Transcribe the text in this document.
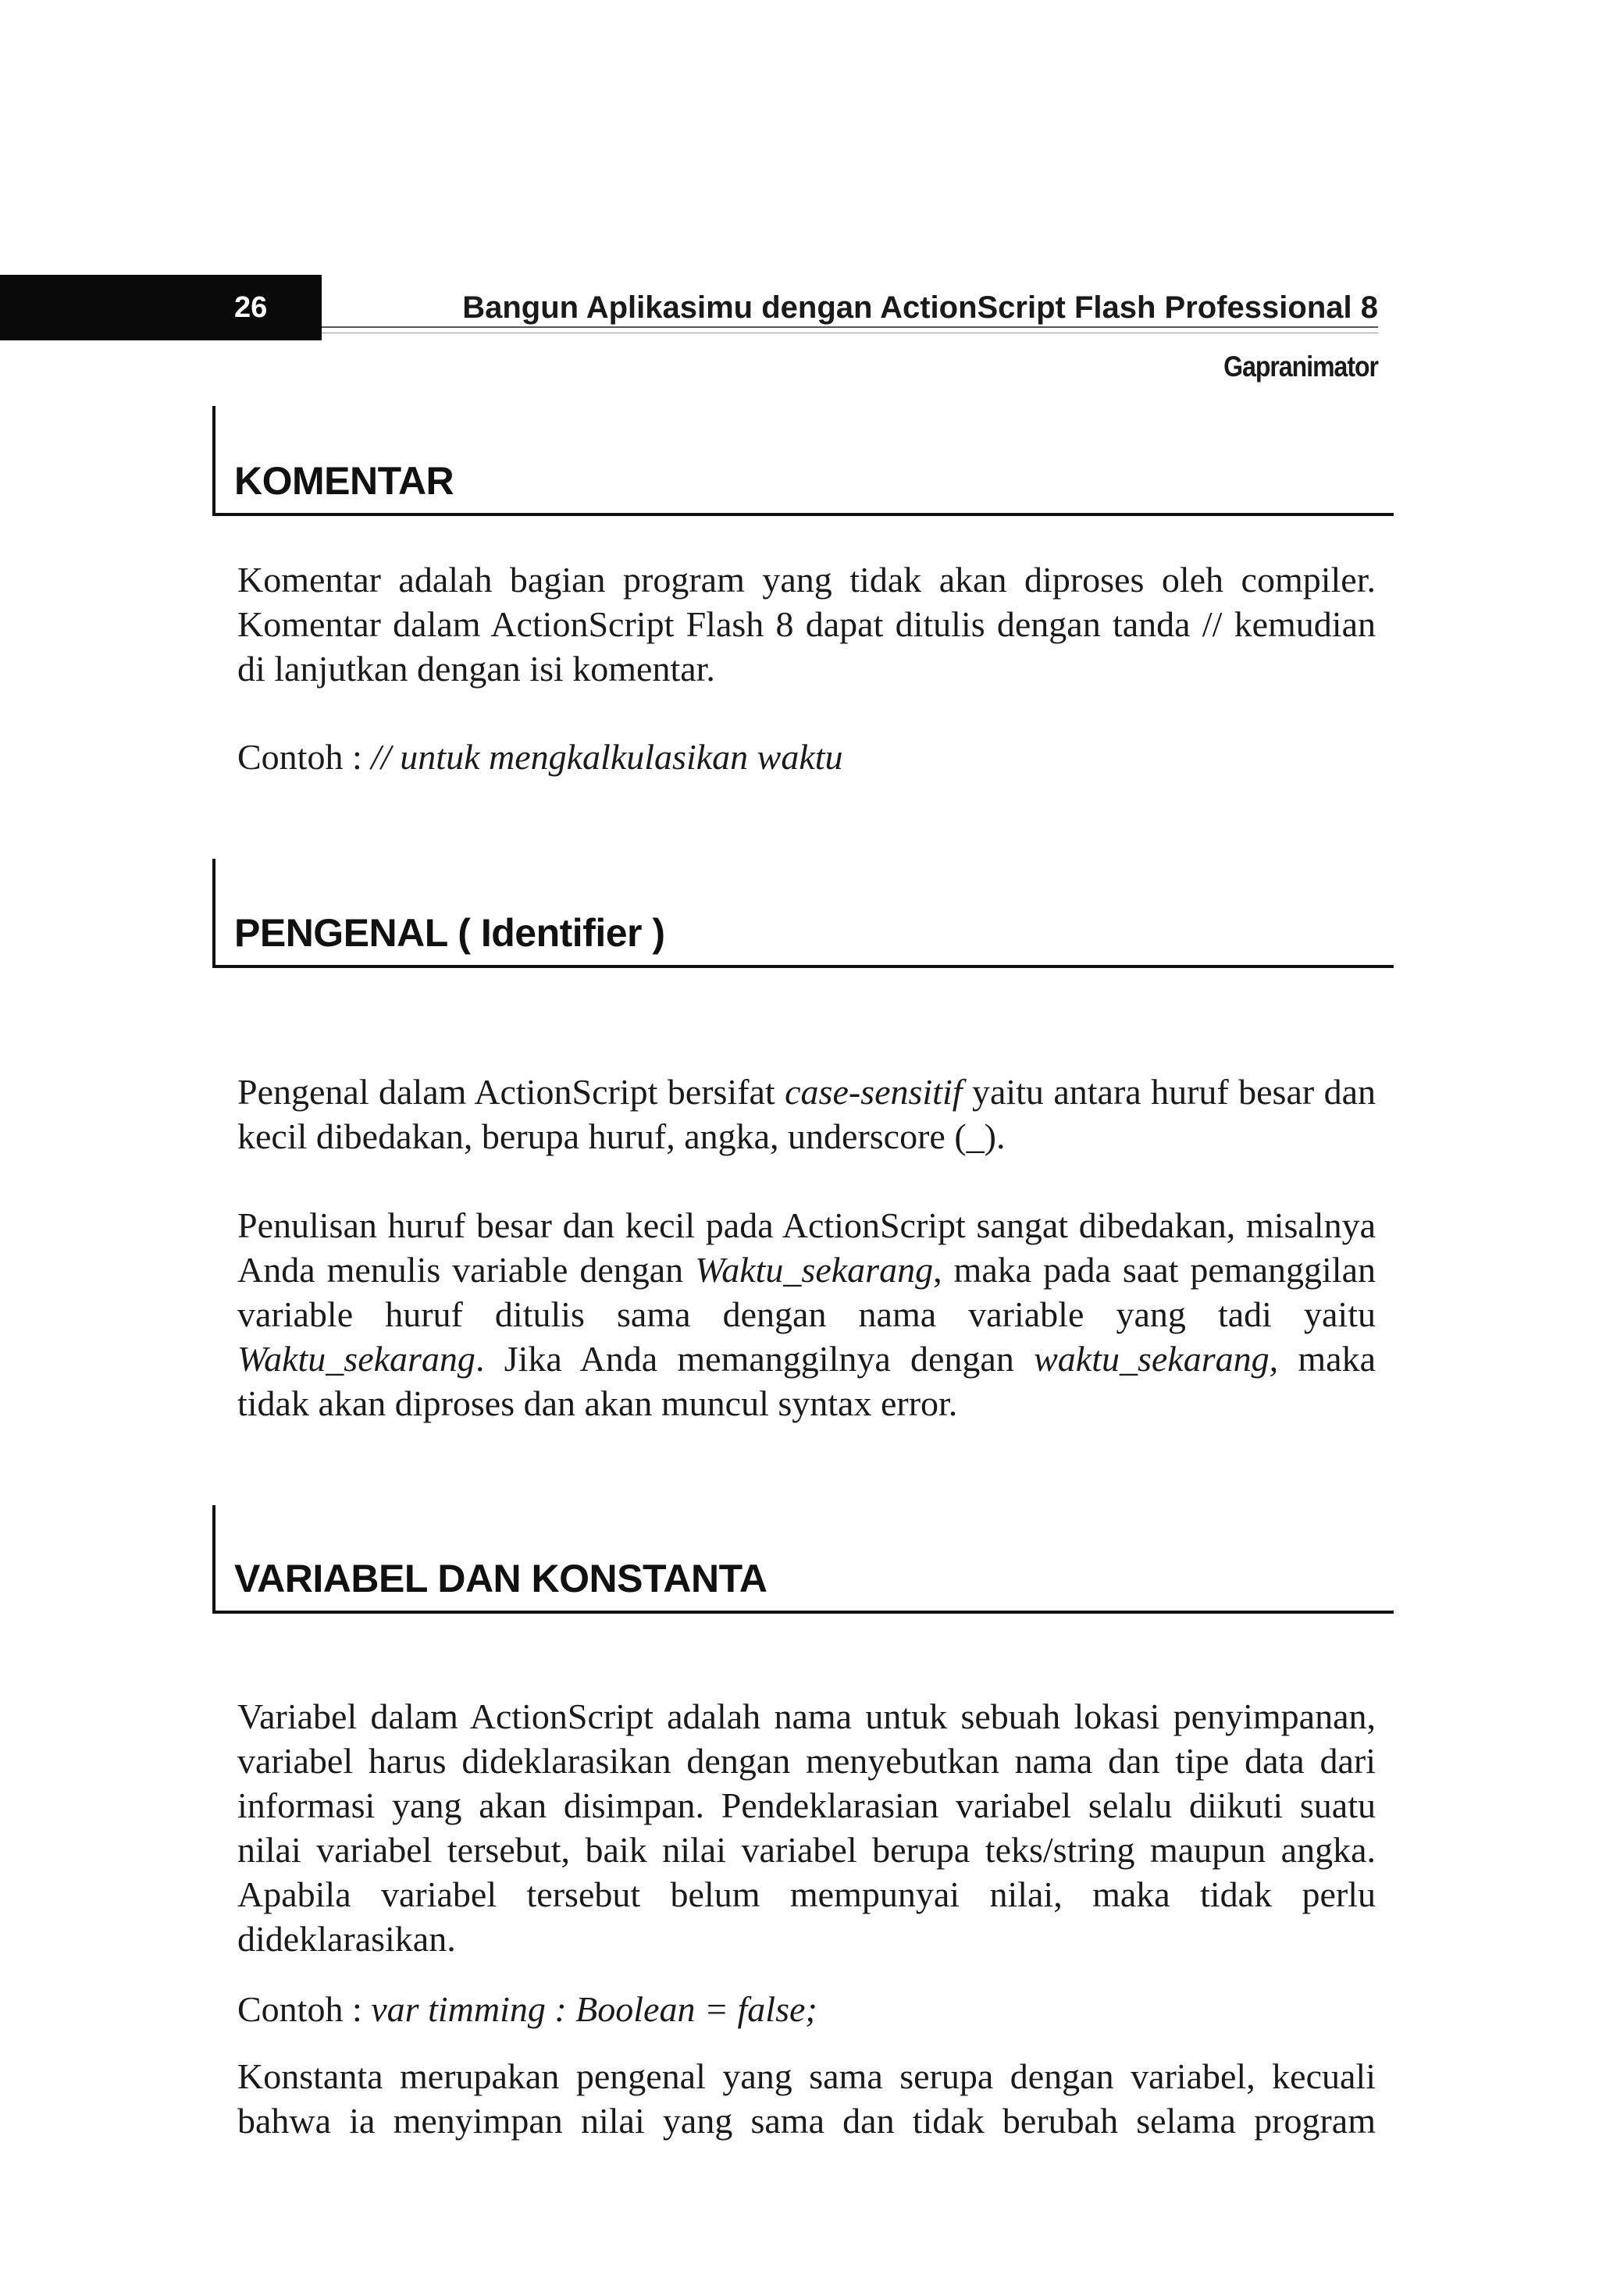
26	Bangun Aplikasimu dengan ActionScript Flash Professional 8
Gapranimator
KOMENTAR

Komentar adalah bagian program yang tidak akan diproses oleh compiler. Komentar dalam ActionScript Flash 8 dapat ditulis dengan tanda // kemudian di lanjutkan dengan isi komentar.

Contoh : // untuk mengkalkulasikan waktu

PENGENAL ( Identifier )

Pengenal dalam ActionScript bersifat case-sensitif yaitu antara huruf besar dan kecil dibedakan, berupa huruf, angka, underscore (_).

Penulisan huruf besar dan kecil pada ActionScript sangat dibedakan, misalnya Anda menulis variable dengan Waktu_sekarang, maka pada saat pemanggilan variable huruf ditulis sama dengan nama variable yang tadi yaitu Waktu_sekarang. Jika Anda memanggilnya dengan waktu_sekarang, maka tidak akan diproses dan akan muncul syntax error.

VARIABEL DAN KONSTANTA

Variabel dalam ActionScript adalah nama untuk sebuah lokasi penyimpanan, variabel harus dideklarasikan dengan menyebutkan nama dan tipe data dari informasi yang akan disimpan. Pendeklarasian variabel selalu diikuti suatu nilai variabel tersebut, baik nilai variabel berupa teks/string maupun angka. Apabila variabel tersebut belum mempunyai nilai, maka tidak perlu dideklarasikan.

Contoh : var timming : Boolean = false;

Konstanta merupakan pengenal yang sama serupa dengan variabel, kecuali bahwa ia menyimpan nilai yang sama dan tidak berubah selama program
